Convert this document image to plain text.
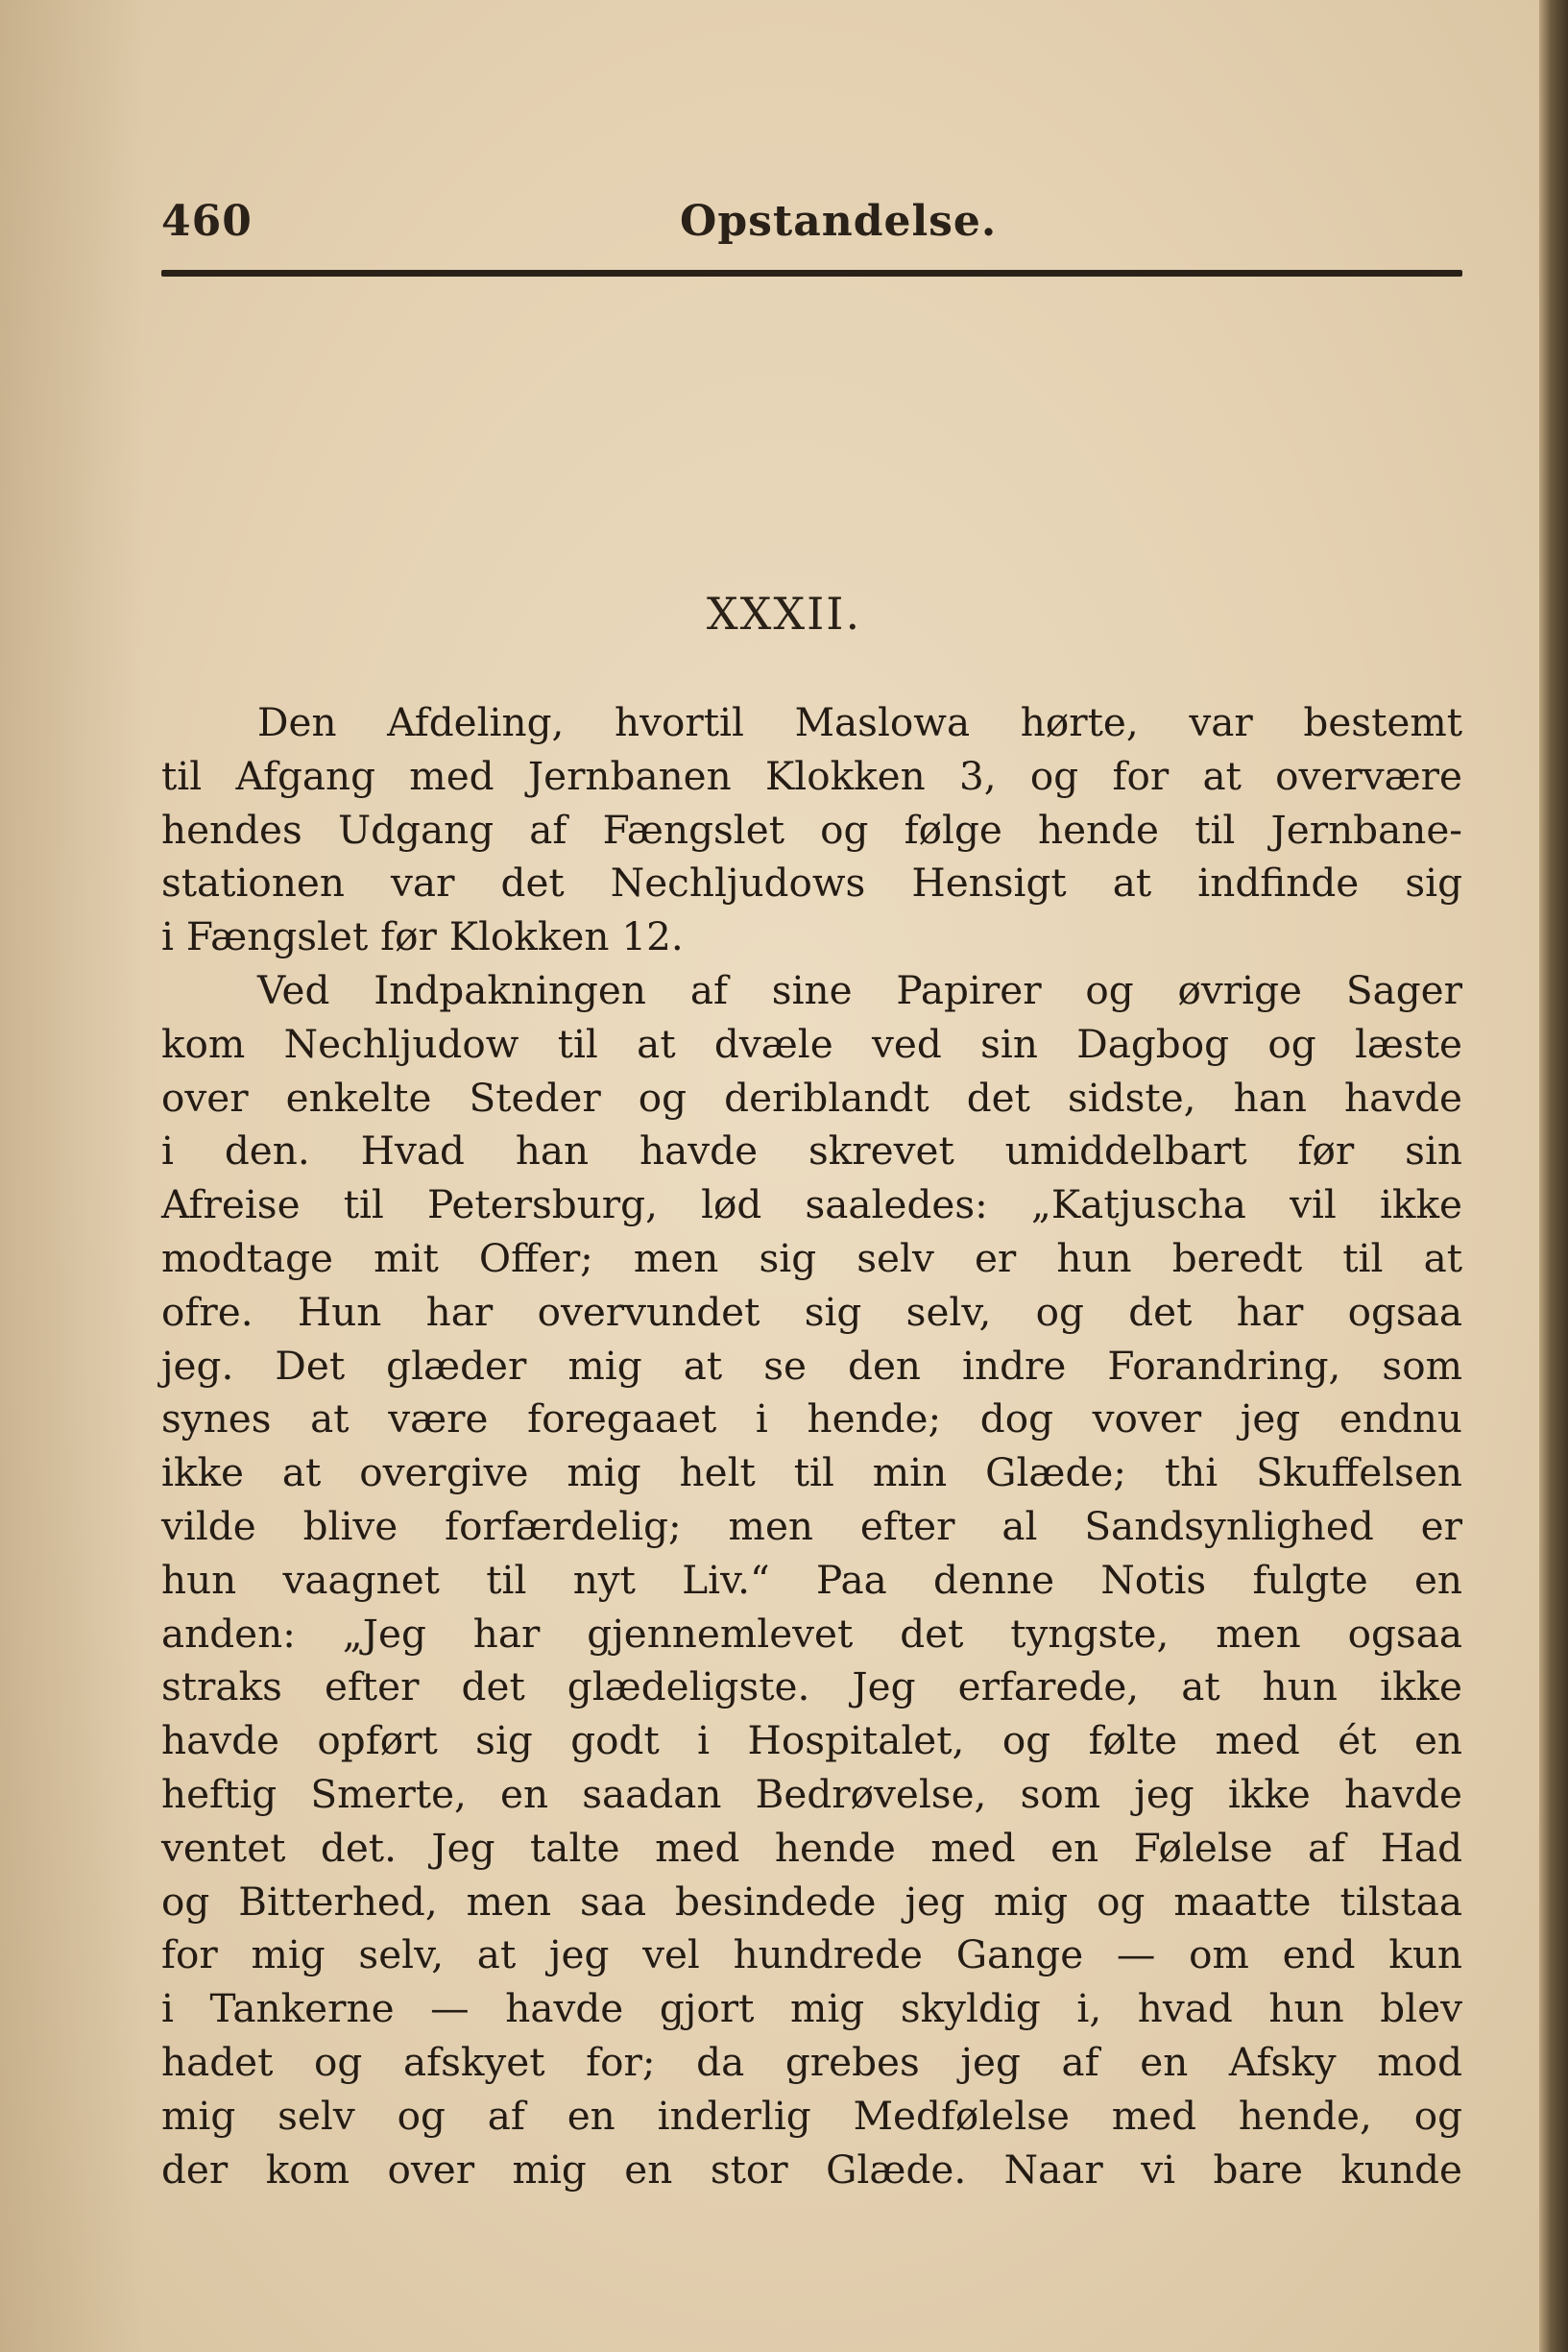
460	Opstandelse.
XXXII.
Den Afdeling, hvortil Maslowa hørte, var bestemt
til Afgang med Jernbanen Klokken 3, og for at overvære
hendes Udgang af Fængslet og følge hende til Jernbane-
stationen var det Nechljudows Hensigt at indfinde sig
i Fængslet før Klokken 12.
Ved Indpakningen af sine Papirer og øvrige Sager
kom Nechljudow til at dvæle ved sin Dagbog og læste
over enkelte Steder og deriblandt det sidste, han havde
i den. Hvad han havde skrevet umiddelbart før sin
Afreise til Petersburg, lød saaledes: „Katjuscha vil ikke
modtage mit Offer; men sig selv er hun beredt til at
ofre. Hun har overvundet sig selv, og det har ogsaa
jeg. Det glæder mig at se den indre Forandring, som
synes at være foregaaet i hende; dog vover jeg endnu
ikke at overgive mig helt til min Glæde; thi Skuffelsen
vilde blive forfærdelig; men efter al Sandsynlighed er
hun vaagnet til nyt Liv.“ Paa denne Notis fulgte en
anden: „Jeg har gjennemlevet det tyngste, men ogsaa
straks efter det glædeligste. Jeg erfarede, at hun ikke
havde opført sig godt i Hospitalet, og følte med ét en
heftig Smerte, en saadan Bedrøvelse, som jeg ikke havde
ventet det. Jeg talte med hende med en Følelse af Had
og Bitterhed, men saa besindede jeg mig og maatte tilstaa
for mig selv, at jeg vel hundrede Gange — om end kun
i Tankerne — havde gjort mig skyldig i, hvad hun blev
hadet og afskyet for; da grebes jeg af en Afsky mod
mig selv og af en inderlig Medfølelse med hende, og
der kom over mig en stor Glæde. Naar vi bare kunde
